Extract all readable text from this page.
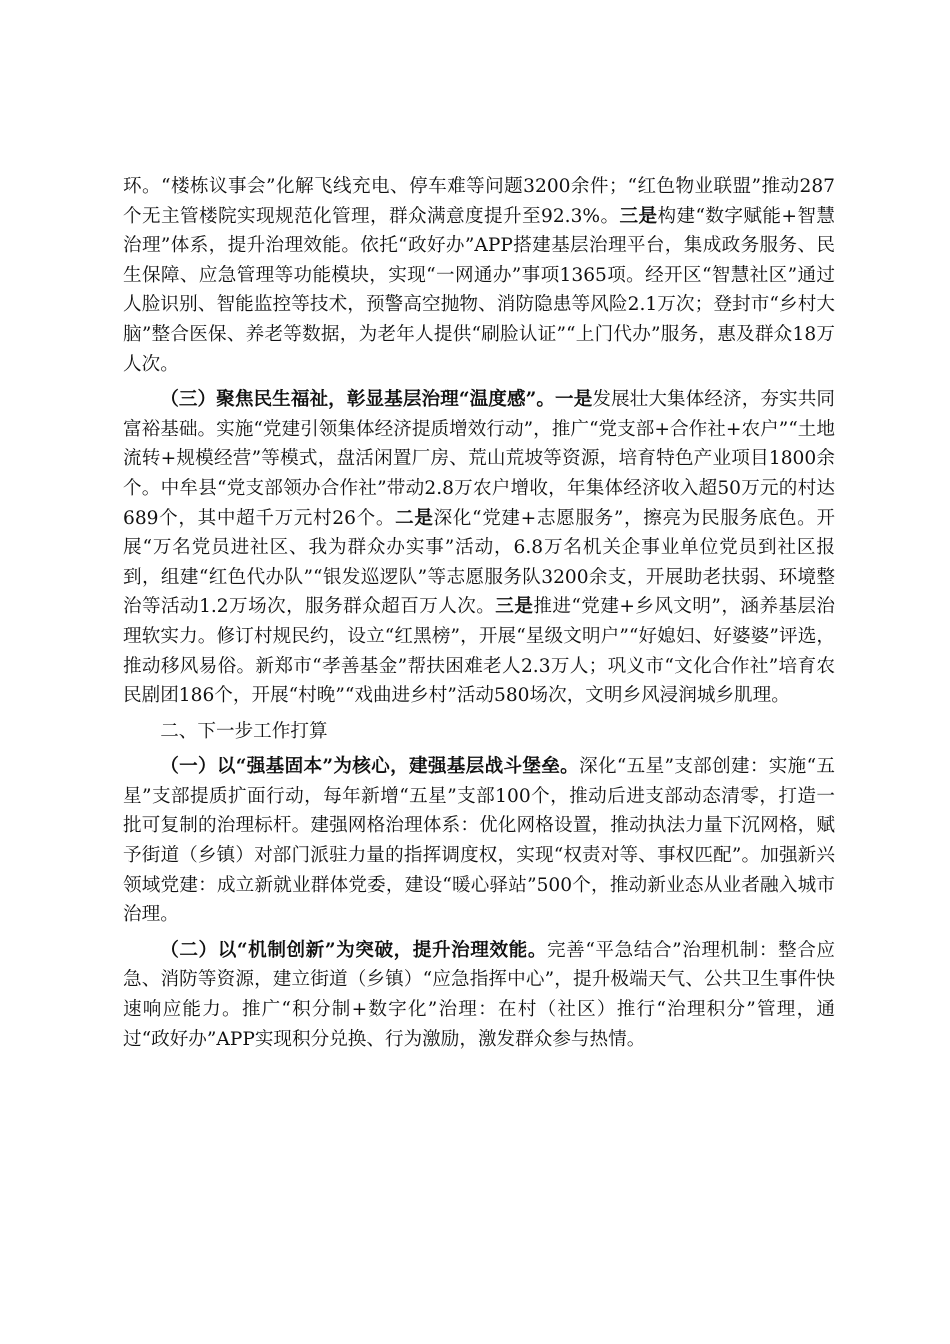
环。“楼栋议事会”化解飞线充电、停车难等问题3200余件；“红色物业联盟”推动287个无主管楼院实现规范化管理，群众满意度提升至92.3%。三是构建“数字赋能+智慧治理”体系，提升治理效能。依托“政好办”APP搭建基层治理平台，集成政务服务、民生保障、应急管理等功能模块，实现“一网通办”事项1365项。经开区“智慧社区”通过人脸识别、智能监控等技术，预警高空抛物、消防隐患等风险2.1万次；登封市“乡村大脑”整合医保、养老等数据，为老年人提供“刷脸认证”“上门代办”服务，惠及群众18万人次。

（三）聚焦民生福祉，彰显基层治理“温度感”。一是发展壮大集体经济，夯实共同富裕基础。实施“党建引领集体经济提质增效行动”，推广“党支部+合作社+农户”“土地流转+规模经营”等模式，盘活闲置厂房、荒山荒坡等资源，培育特色产业项目1800余个。中牟县“党支部领办合作社”带动2.8万农户增收，年集体经济收入超50万元的村达689个，其中超千万元村26个。二是深化“党建+志愿服务”，擦亮为民服务底色。开展“万名党员进社区、我为群众办实事”活动，6.8万名机关企事业单位党员到社区报到，组建“红色代办队”“银发巡逻队”等志愿服务队3200余支，开展助老扶弱、环境整治等活动1.2万场次，服务群众超百万人次。三是推进“党建+乡风文明”，涵养基层治理软实力。修订村规民约，设立“红黑榜”，开展“星级文明户”“好媳妇、好婆婆”评选，推动移风易俗。新郑市“孝善基金”帮扶困难老人2.3万人；巩义市“文化合作社”培育农民剧团186个，开展“村晚”“戏曲进乡村”活动580场次，文明乡风浸润城乡肌理。

二、下一步工作打算

（一）以“强基固本”为核心，建强基层战斗堡垒。深化“五星”支部创建：实施“五星”支部提质扩面行动，每年新增“五星”支部100个，推动后进支部动态清零，打造一批可复制的治理标杆。建强网格治理体系：优化网格设置，推动执法力量下沉网格，赋予街道（乡镇）对部门派驻力量的指挥调度权，实现“权责对等、事权匹配”。加强新兴领域党建：成立新就业群体党委，建设“暖心驿站”500个，推动新业态从业者融入城市治理。

（二）以“机制创新”为突破，提升治理效能。完善“平急结合”治理机制：整合应急、消防等资源，建立街道（乡镇）“应急指挥中心”，提升极端天气、公共卫生事件快速响应能力。推广“积分制+数字化”治理：在村（社区）推行“治理积分”管理，通过“政好办”APP实现积分兑换、行为激励，激发群众参与热情。
